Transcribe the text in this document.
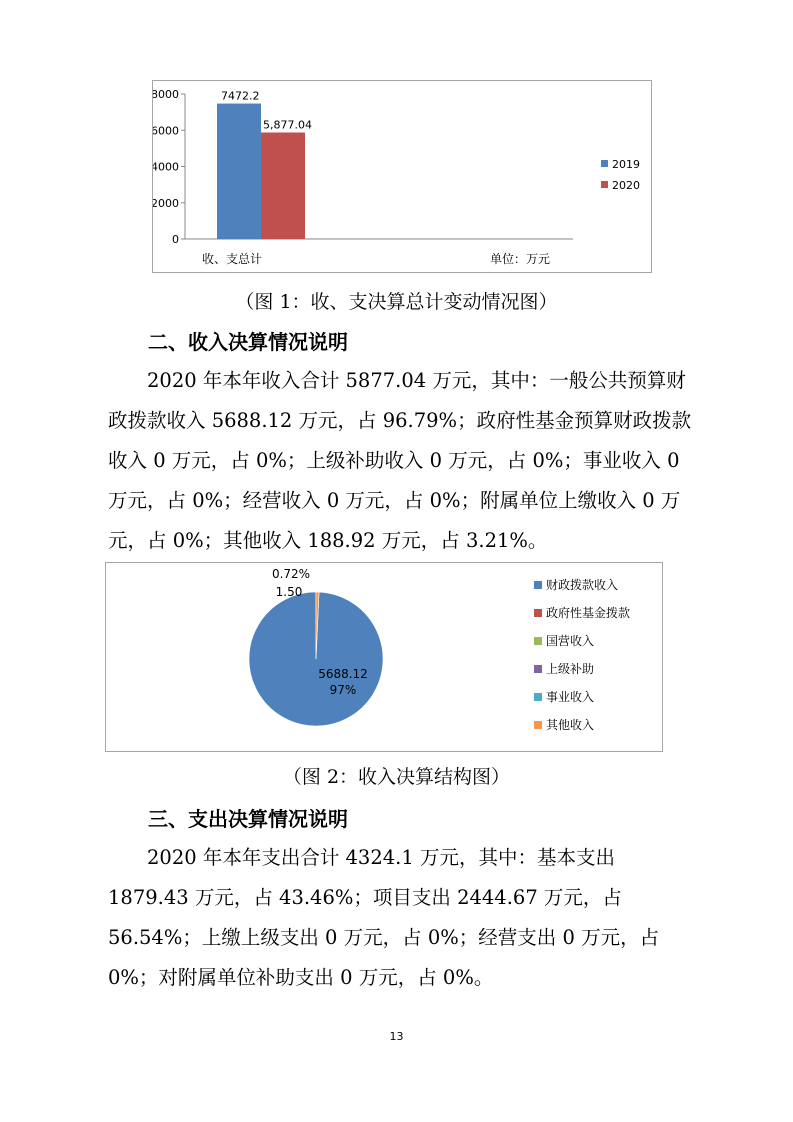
收、支总计	单位：万元
0
2000
4000
6000
8000	7472.2
2019
5,877.04
2020

（图 1：收、支决算总计变动情况图）

二、收入决算情况说明

2020 年本年收入合计 5877.04 万元，其中：一般公共预算财政拨款收入 5688.12 万元，占 96.79%；政府性基金预算财政拨款收入 0 万元，占 0%；上级补助收入 0 万元，占 0%；事业收入 0 万元，占 0%；经营收入 0 万元，占 0%；附属单位上缴收入 0 万元，占 0%；其他收入 188.92 万元，占 3.21%。

5688.12
97%
0.72%
1.50	财政拨款收入
政府性基金拨款
国营收入
上级补助
事业收入
其他收入

（图 2：收入决算结构图）

三、支出决算情况说明

2020 年本年支出合计 4324.1 万元，其中：基本支出 1879.43 万元，占 43.46%；项目支出 2444.67 万元，占 56.54%；上缴上级支出 0 万元，占 0%；经营支出 0 万元，占 0%；对附属单位补助支出 0 万元，占 0%。

13
